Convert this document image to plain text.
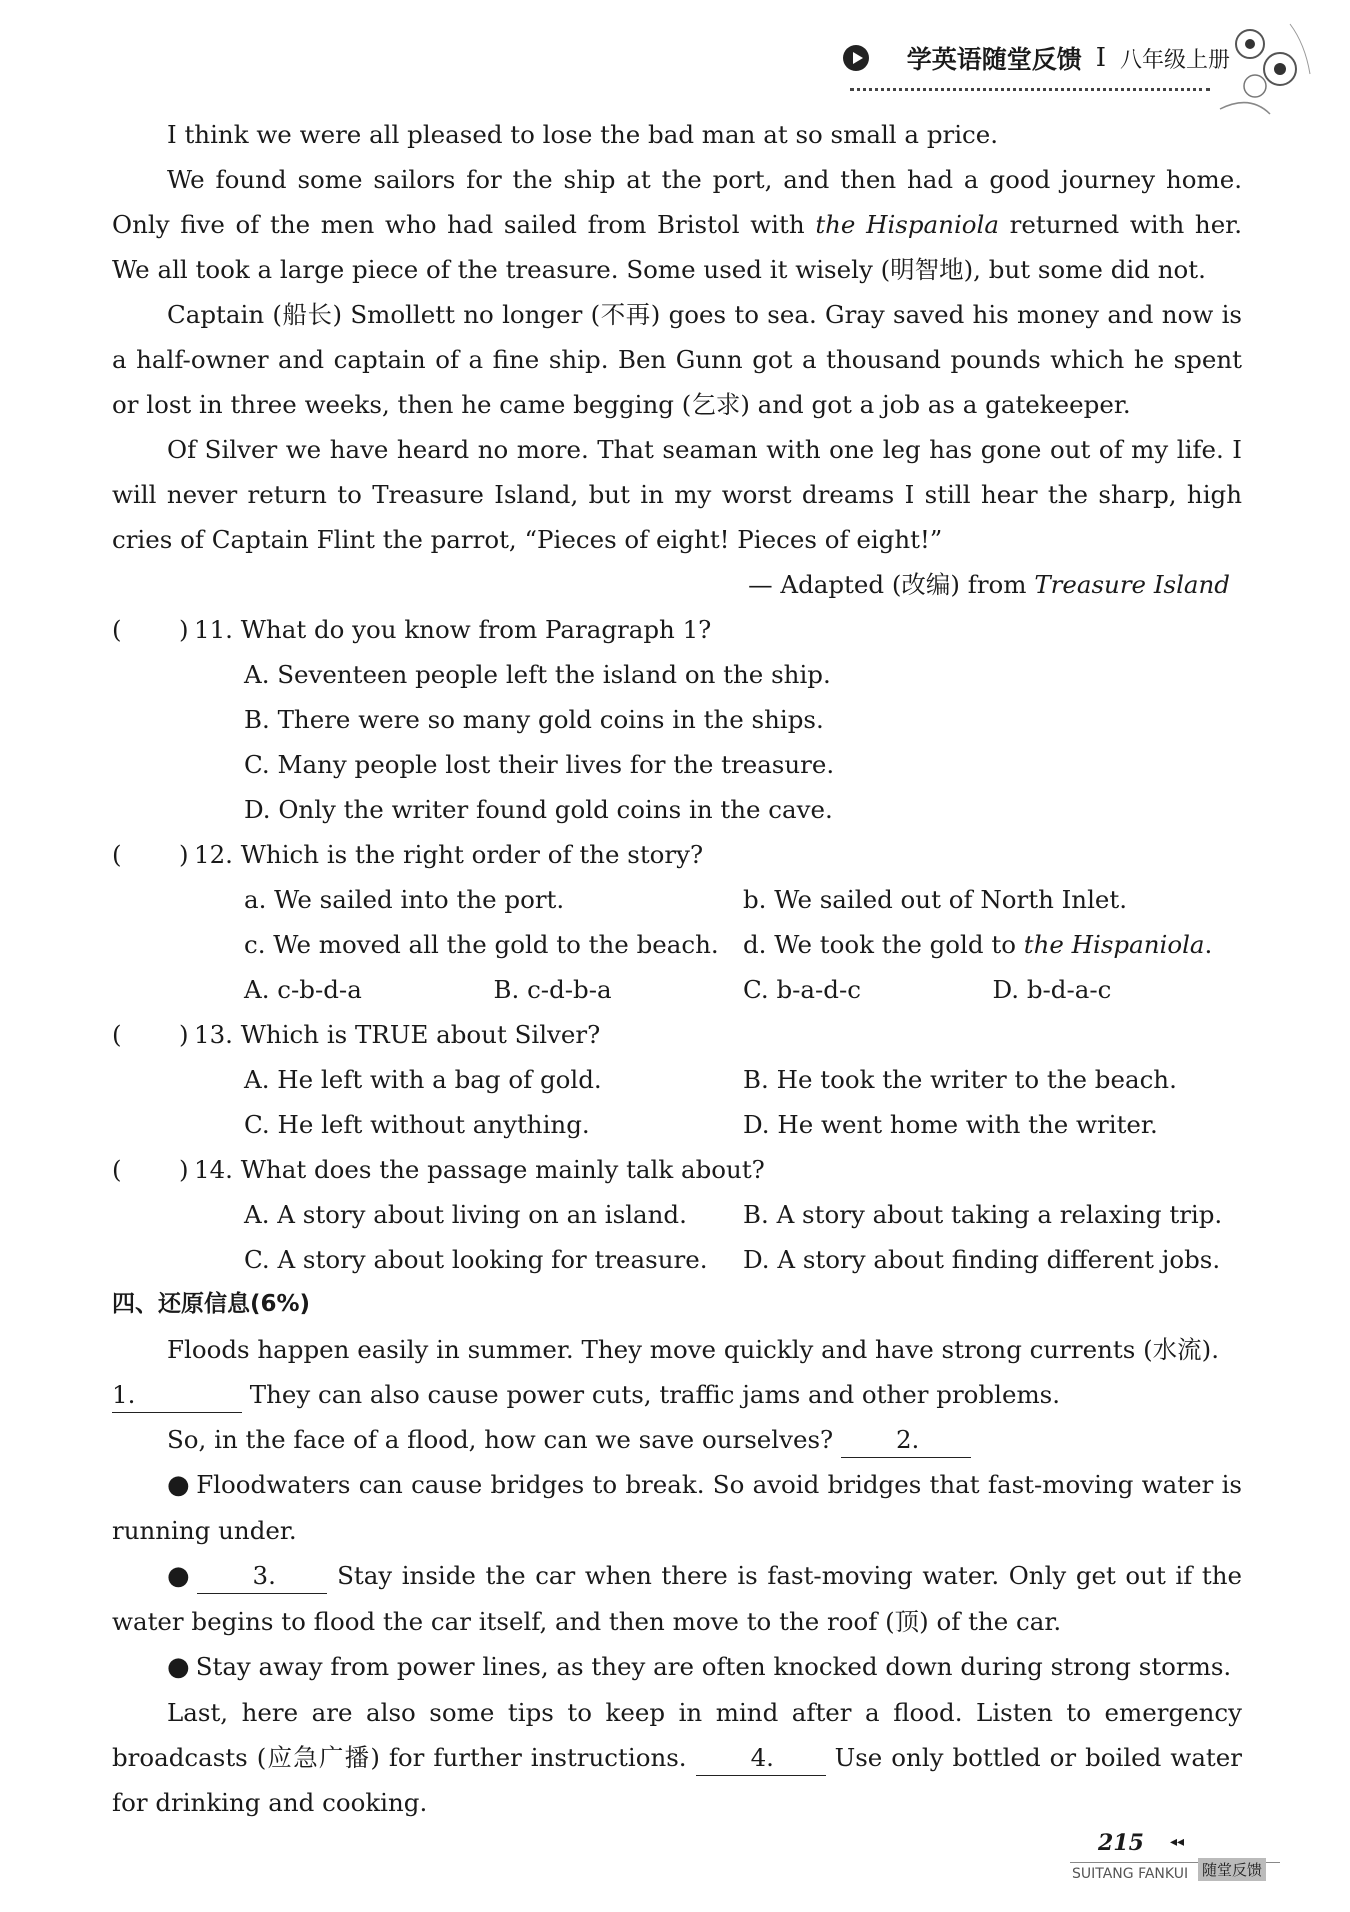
学英语随堂反馈 I 八年级上册

I think we were all pleased to lose the bad man at so small a price.

We found some sailors for the ship at the port, and then had a good journey home. Only five of the men who had sailed from Bristol with the Hispaniola returned with her. We all took a large piece of the treasure. Some used it wisely (明智地), but some did not.

Captain (船长) Smollett no longer (不再) goes to sea. Gray saved his money and now is a half-owner and captain of a fine ship. Ben Gunn got a thousand pounds which he spent or lost in three weeks, then he came begging (乞求) and got a job as a gatekeeper.

Of Silver we have heard no more. That seaman with one leg has gone out of my life. I will never return to Treasure Island, but in my worst dreams I still hear the sharp, high cries of Captain Flint the parrot, “Pieces of eight! Pieces of eight!”

— Adapted (改编) from Treasure Island

( ) 11. What do you know from Paragraph 1?

A. Seventeen people left the island on the ship.

B. There were so many gold coins in the ships.

C. Many people lost their lives for the treasure.

D. Only the writer found gold coins in the cave.

( ) 12. Which is the right order of the story?

a. We sailed into the port.	b. We sailed out of North Inlet.

c. We moved all the gold to the beach. d. We took the gold to the Hispaniola.

A. c-b-d-a	B. c-d-b-a	C. b-a-d-c	D. b-d-a-c

( ) 13. Which is TRUE about Silver?

A. He left with a bag of gold.	B. He took the writer to the beach.

C. He left without anything.	D. He went home with the writer.

( ) 14. What does the passage mainly talk about?

A. A story about living on an island.	B. A story about taking a relaxing trip.

C. A story about looking for treasure.	D. A story about finding different jobs.

四、还原信息(6%)

Floods happen easily in summer. They move quickly and have strong currents (水流).

1.	They can also cause power cuts, traffic jams and other problems.

So, in the face of a flood, how can we save ourselves? 2.

● Floodwaters can cause bridges to break. So avoid bridges that fast-moving water is running under.

● 3. Stay inside the car when there is fast-moving water. Only get out if the water begins to flood the car itself, and then move to the roof (顶) of the car.

● Stay away from power lines, as they are often knocked down during strong storms.

Last, here are also some tips to keep in mind after a flood. Listen to emergency broadcasts (应急广播) for further instructions. 4. Use only bottled or boiled water for drinking and cooking.

215 ◂◂
SUITANG FANKUI 随堂反馈
